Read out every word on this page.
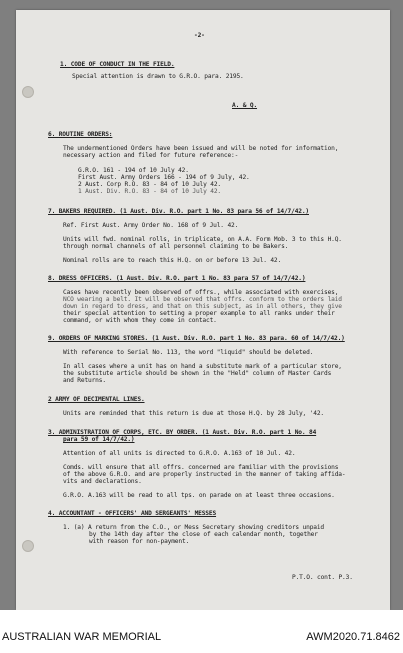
-2-
1. CODE OF CONDUCT IN THE FIELD.
Special attention is drawn to G.R.O. para. 2195.
A. & Q.
6. ROUTINE ORDERS:
The undermentioned Orders have been issued and will be noted for information,
necessary action and filed for future reference:-
G.R.O. 161 - 194 of 10 July 42.
First Aust. Army Orders 166 - 194 of 9 July, 42.
2 Aust. Corp R.O. 83 - 84 of 10 July 42.
1 Aust. Div. R.O. 83 - 84 of 10 July 42.
7. BAKERS REQUIRED. (1 Aust. Div. R.O. part 1 No. 83 para 56 of 14/7/42.)
Ref. First Aust. Army Order No. 168 of 9 Jul. 42.
Units will fwd. nominal rolls, in triplicate, on A.A. Form Mob. 3 to this H.Q.
through normal channels of all personnel claiming to be Bakers.
Nominal rolls are to reach this H.Q. on or before 13 Jul. 42.
8. DRESS OFFICERS. (1 Aust. Div. R.O. part 1 No. 83 para 57 of 14/7/42.)
Cases have recently been observed of offrs., while associated with exercises,
NCO wearing a belt. It will be observed that offrs. conform to the orders laid
down in regard to dress, and that on this subject, as in all others, they give
their special attention to setting a proper example to all ranks under their
command, or with whom they come in contact.
9. ORDERS OF MARKING STORES. (1 Aust. Div. R.O. part 1 No. 83 para. 60 of 14/7/42.)
With reference to Serial No. 113, the word "liquid" should be deleted.
In all cases where a unit has on hand a substitute mark of a particular store,
the substitute article should be shown in the "Held" column of Master Cards
and Returns.
2 ARMY OF DECIMENTAL LINES.
Units are reminded that this return is due at those H.Q. by 28 July, '42.
3. ADMINISTRATION OF CORPS, ETC. BY ORDER. (1 Aust. Div. R.O. part 1 No. 84
para 59 of 14/7/42.)
Attention of all units is directed to G.R.O. A.163 of 10 Jul. 42.
Comds. will ensure that all offrs. concerned are familiar with the provisions
of the above G.R.O. and are properly instructed in the manner of taking affida-
vits and declarations.
G.R.O. A.163 will be read to all tps. on parade on at least three occasions.
4. ACCOUNTANT - OFFICERS' AND SERGEANTS' MESSES
1. (a) A return from the C.O., or Mess Secretary showing creditors unpaid
by the 14th day after the close of each calendar month, together
with reason for non-payment.
P.T.O. cont. P.3.
AUSTRALIAN WAR MEMORIAL	AWM2020.71.8462
